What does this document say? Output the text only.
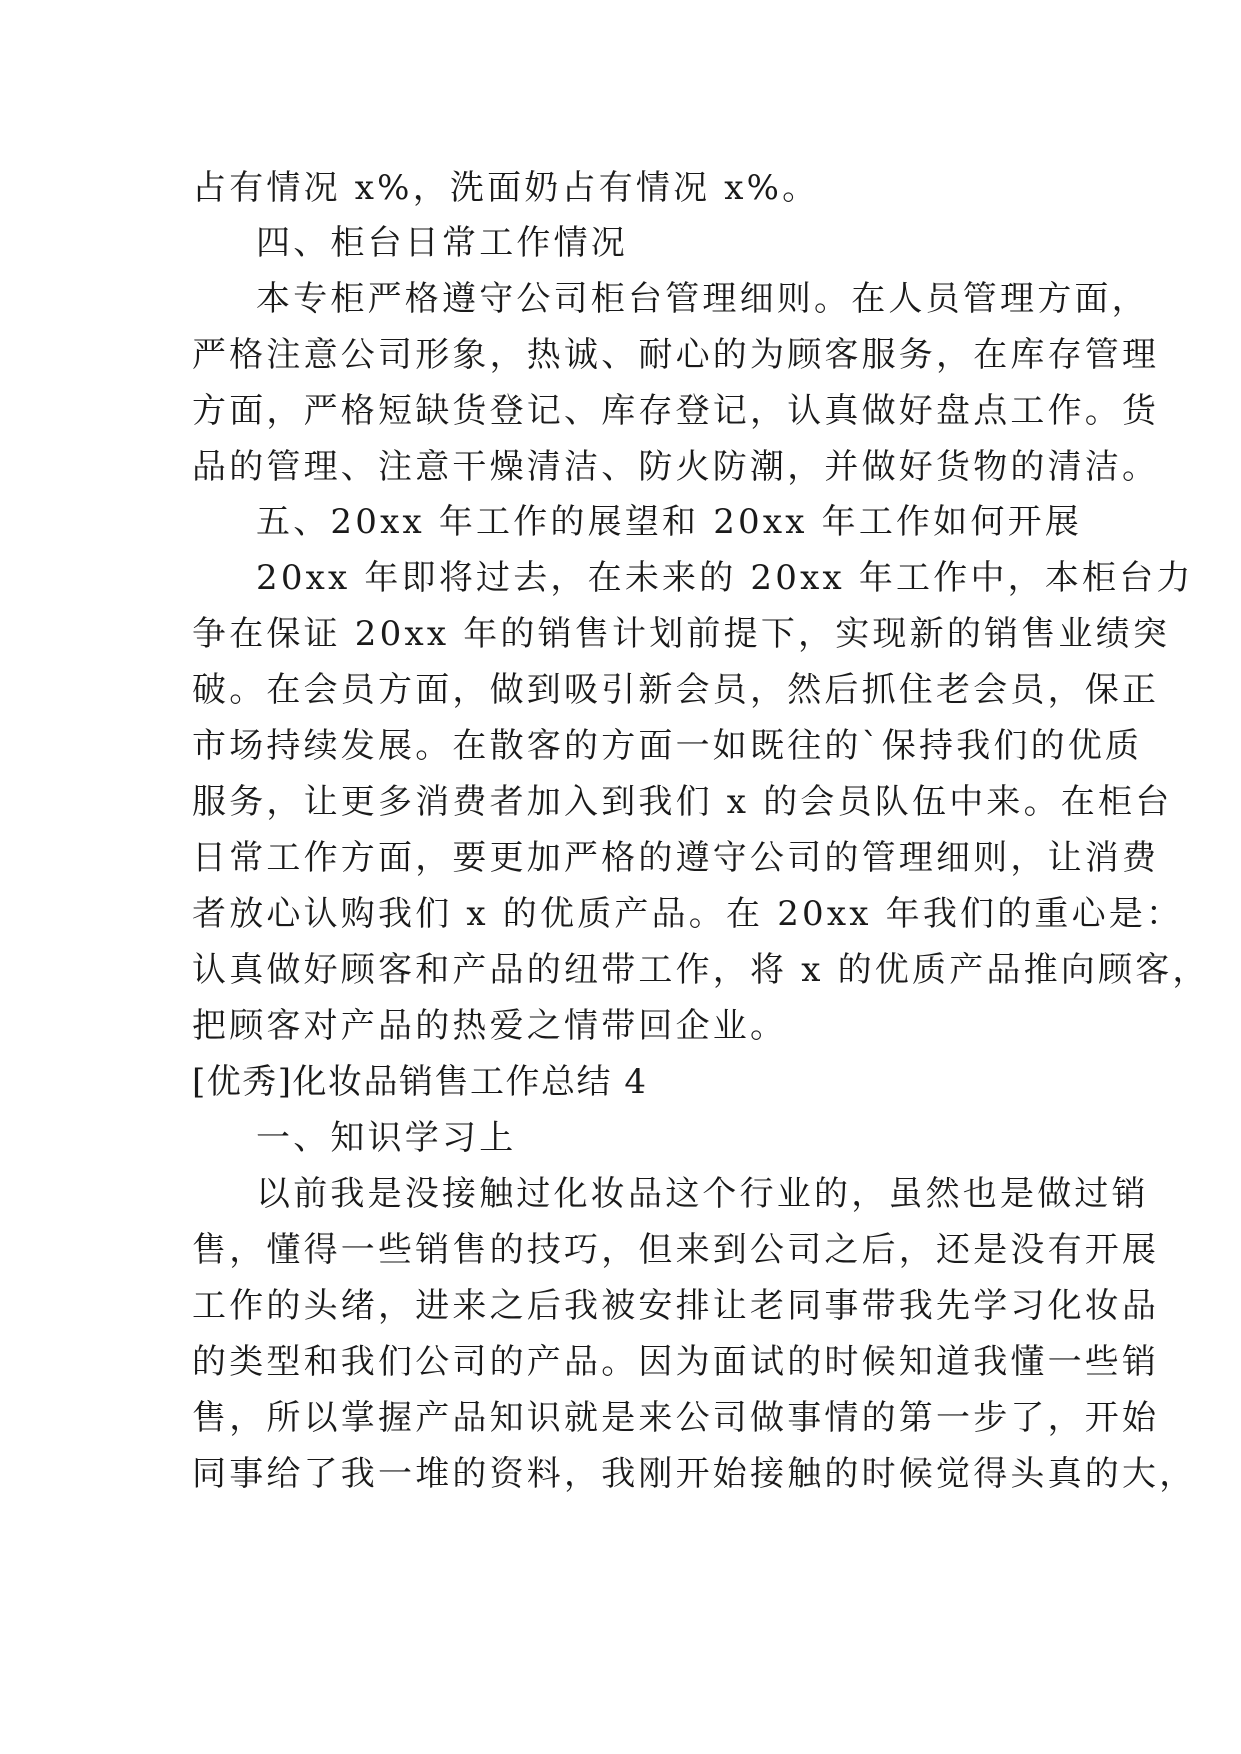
占有情况 x%，洗面奶占有情况 x%。
四、柜台日常工作情况
本专柜严格遵守公司柜台管理细则。在人员管理方面，
严格注意公司形象，热诚、耐心的为顾客服务，在库存管理
方面，严格短缺货登记、库存登记，认真做好盘点工作。货
品的管理、注意干燥清洁、防火防潮，并做好货物的清洁。
五、20xx 年工作的展望和 20xx 年工作如何开展
20xx 年即将过去，在未来的 20xx 年工作中，本柜台力
争在保证 20xx 年的销售计划前提下，实现新的销售业绩突
破。在会员方面，做到吸引新会员，然后抓住老会员，保正
市场持续发展。在散客的方面一如既往的`保持我们的优质
服务，让更多消费者加入到我们 x 的会员队伍中来。在柜台
日常工作方面，要更加严格的遵守公司的管理细则，让消费
者放心认购我们 x 的优质产品。在 20xx 年我们的重心是：
认真做好顾客和产品的纽带工作，将 x 的优质产品推向顾客，
把顾客对产品的热爱之情带回企业。
[优秀]化妆品销售工作总结 4
一、知识学习上
以前我是没接触过化妆品这个行业的，虽然也是做过销
售，懂得一些销售的技巧，但来到公司之后，还是没有开展
工作的头绪，进来之后我被安排让老同事带我先学习化妆品
的类型和我们公司的产品。因为面试的时候知道我懂一些销
售，所以掌握产品知识就是来公司做事情的第一步了，开始
同事给了我一堆的资料，我刚开始接触的时候觉得头真的大，
